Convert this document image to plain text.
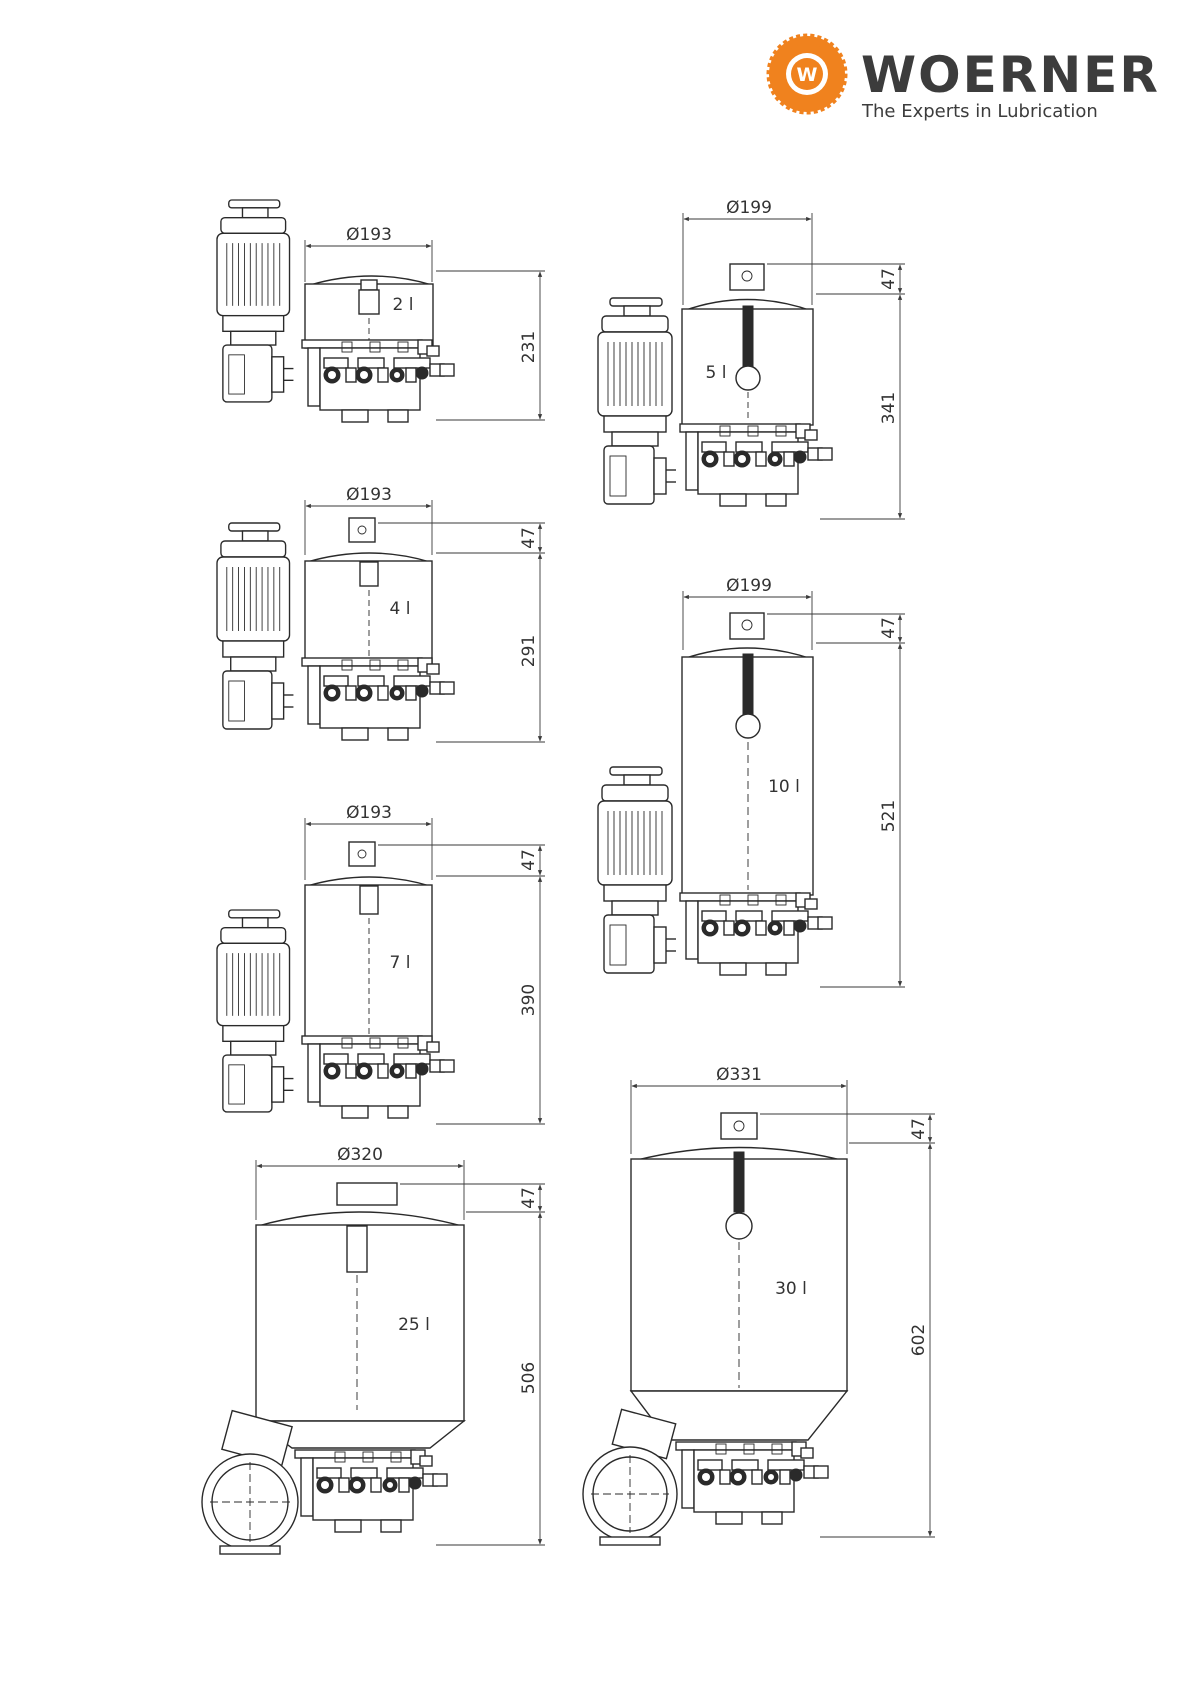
W WOERNER
The Experts in Lubrication
2 l
Ø193
231
4 l
Ø193
47
291
7 l
Ø193
47
390
25 l
Ø320
47
506
5 l
Ø199
47
341
10 l
Ø199
47
521
30 l
Ø331
47
602
